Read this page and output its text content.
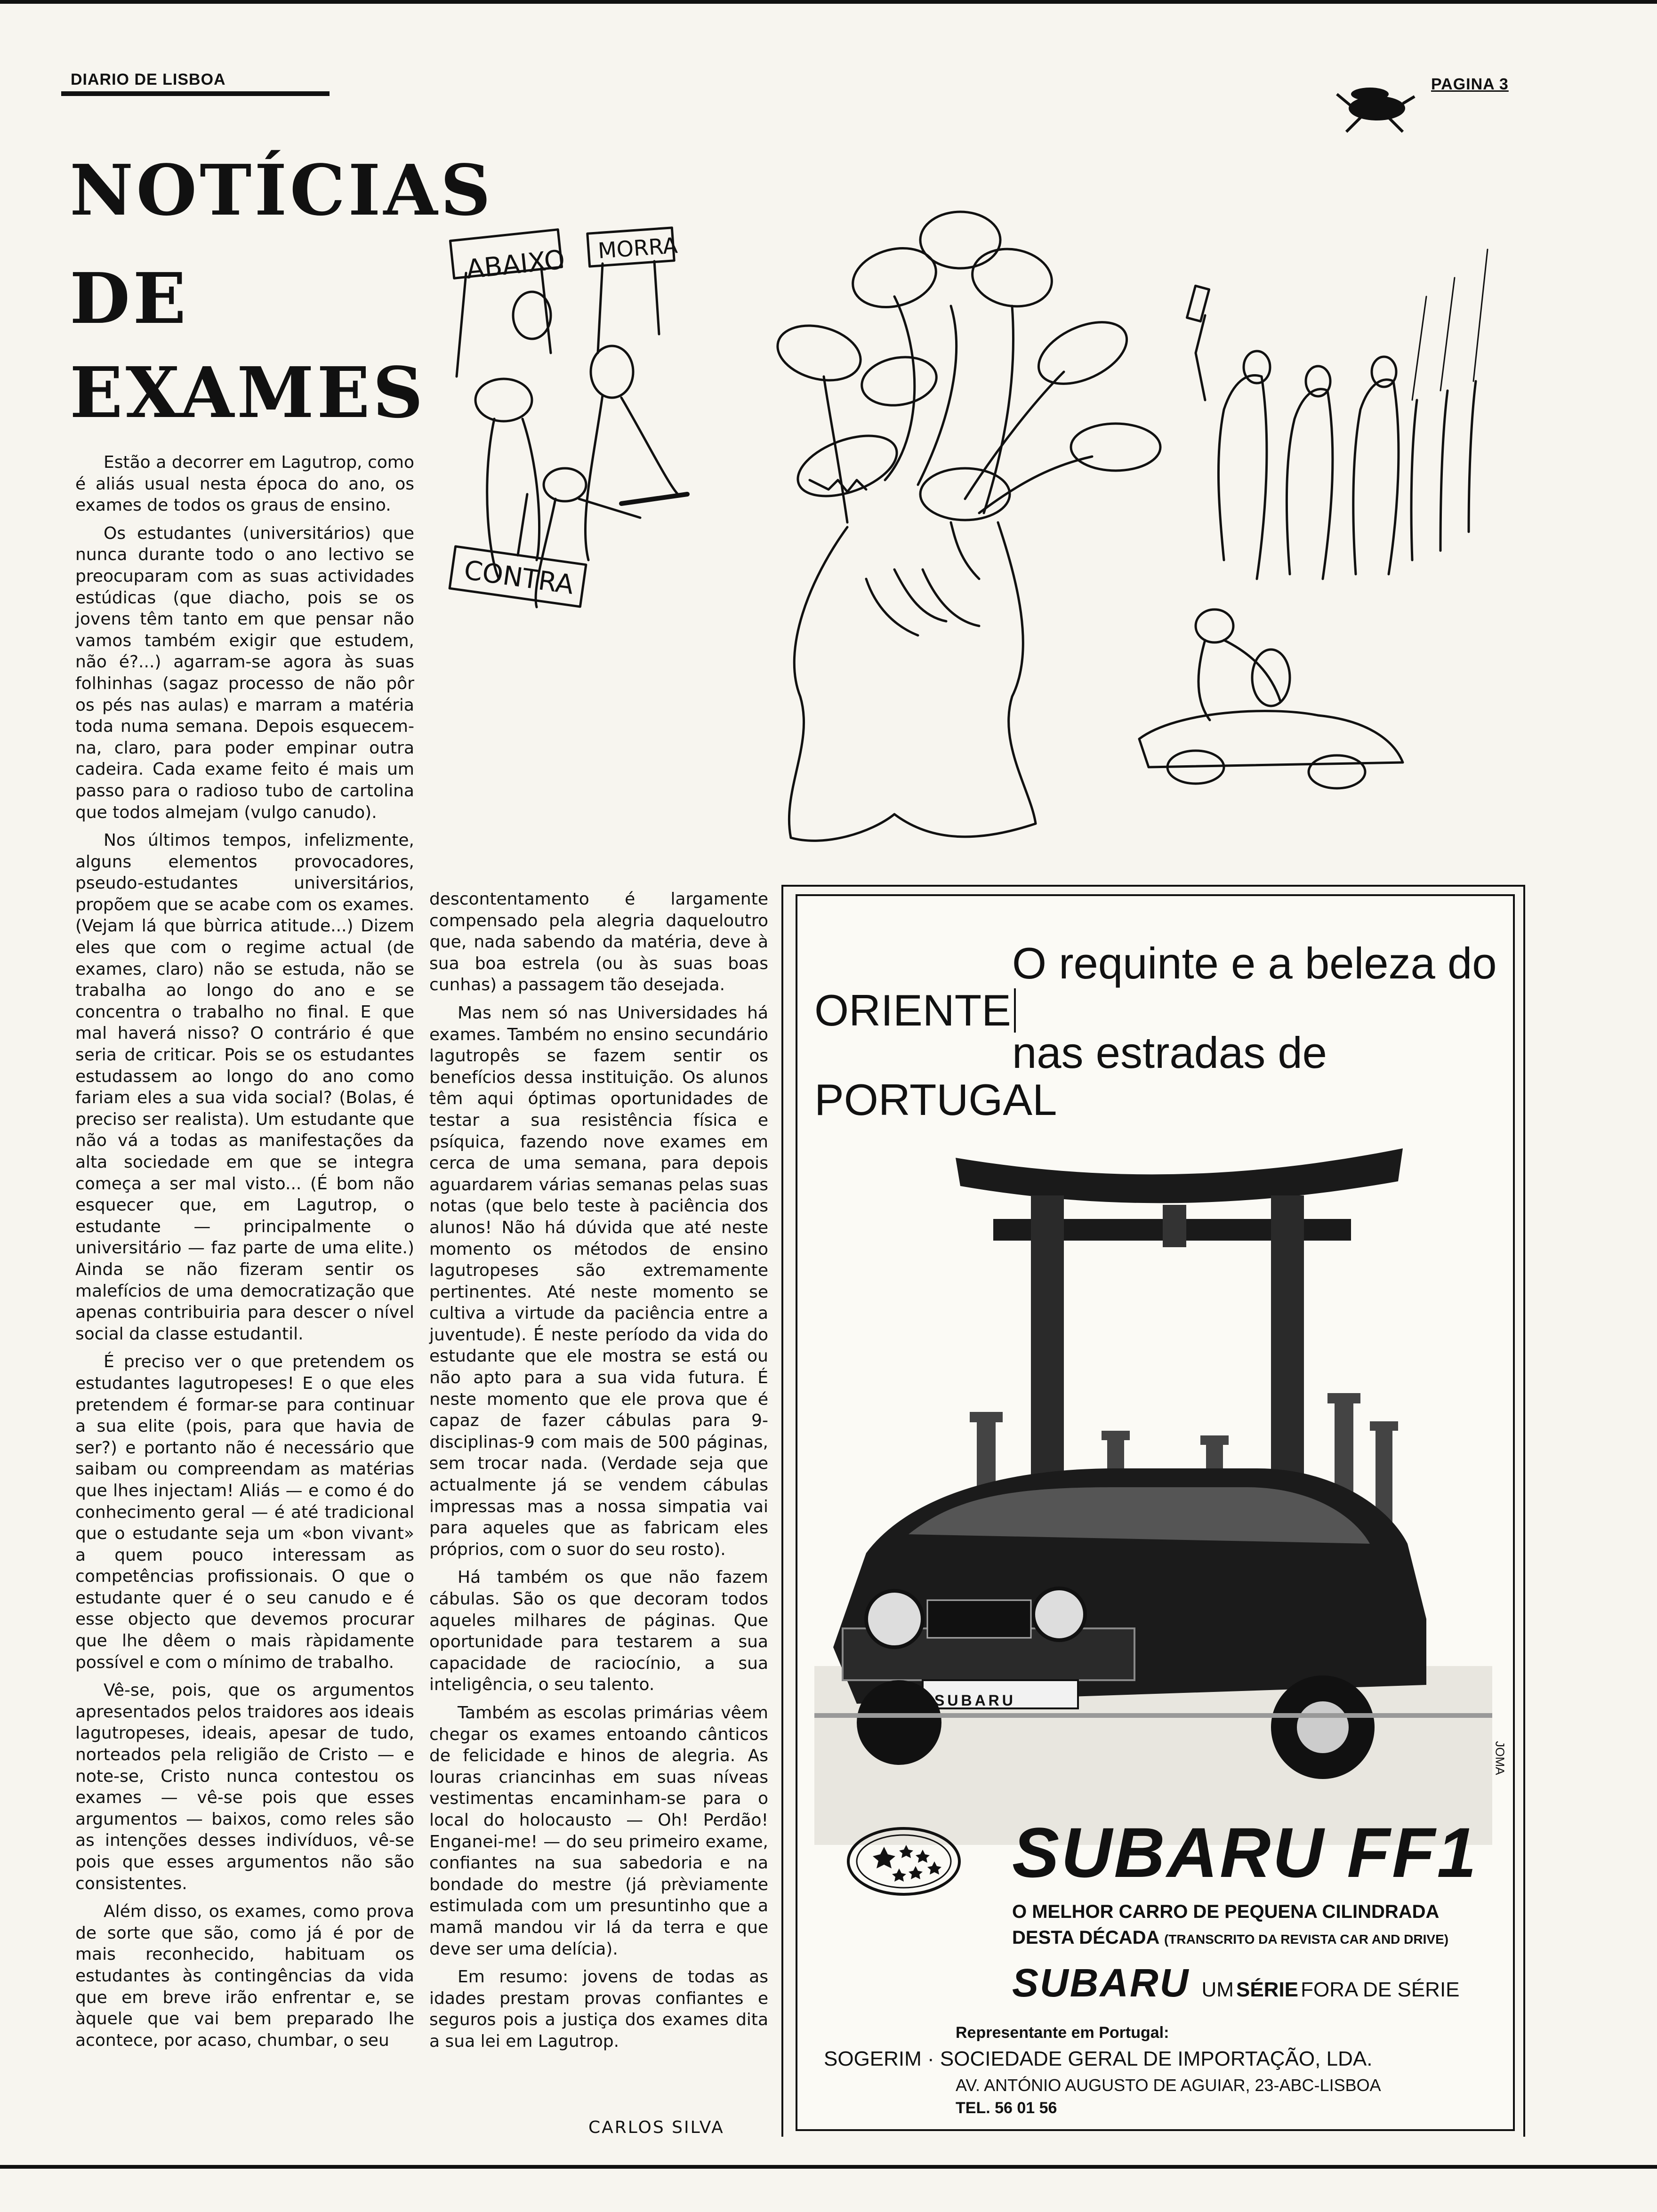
DIARIO DE LISBOA	PAGINA 3
NOTÍCIAS
DE
EXAMES

Estão a decorrer em Lagutrop, como é aliás usual nesta época do ano, os exames de todos os graus de ensino.

Os estudantes (universitários) que nunca durante todo o ano lectivo se preocuparam com as suas actividades estúdicas (que diacho, pois se os jovens têm tanto em que pensar não vamos também exigir que estudem, não é?...) agarram-se agora às suas folhinhas (sagaz processo de não pôr os pés nas aulas) e marram a matéria toda numa semana. Depois esquecem-na, claro, para poder empinar outra cadeira. Cada exame feito é mais um passo para o radioso tubo de cartolina que todos almejam (vulgo canudo).

Nos últimos tempos, infelizmente, alguns elementos provocadores, pseudo-estudantes universitários, propõem que se acabe com os exames. (Vejam lá que bùrrica atitude...) Dizem eles que com o regime actual (de exames, claro) não se estuda, não se trabalha ao longo do ano e se concentra o trabalho no final. E que mal haverá nisso? O contrário é que seria de criticar. Pois se os estudantes estudassem ao longo do ano como fariam eles a sua vida social? (Bolas, é preciso ser realista). Um estudante que não vá a todas as manifestações da alta sociedade em que se integra começa a ser mal visto... (É bom não esquecer que, em Lagutrop, o estudante — principalmente o universitário — faz parte de uma elite.) Ainda se não fizeram sentir os malefícios de uma democratização que apenas contribuiria para descer o nível social da classe estudantil.

É preciso ver o que pretendem os estudantes lagutropeses! E o que eles pretendem é formar-se para continuar a sua elite (pois, para que havia de ser?) e portanto não é necessário que saibam ou compreendam as matérias que lhes injectam! Aliás — e como é do conhecimento geral — é até tradicional que o estudante seja um «bon vivant» a quem pouco interessam as competências profissionais. O que o estudante quer é o seu canudo e é esse objecto que devemos procurar que lhe dêem o mais ràpidamente possível e com o mínimo de trabalho.

Vê-se, pois, que os argumentos apresentados pelos traidores aos ideais lagutropeses, ideais, apesar de tudo, norteados pela religião de Cristo — e note-se, Cristo nunca contestou os exames — vê-se pois que esses argumentos — baixos, como reles são as intenções desses indivíduos, vê-se pois que esses argumentos não são consistentes.

Além disso, os exames, como prova de sorte que são, como já é por de mais reconhecido, habituam os estudantes às contingências da vida que em breve irão enfrentar e, se àquele que vai bem preparado lhe acontece, por acaso, chumbar, o seu

descontentamento é largamente compensado pela alegria daqueloutro que, nada sabendo da matéria, deve à sua boa estrela (ou às suas boas cunhas) a passagem tão desejada.

Mas nem só nas Universidades há exames. Também no ensino secundário lagutropês se fazem sentir os benefícios dessa instituição. Os alunos têm aqui óptimas oportunidades de testar a sua resistência física e psíquica, fazendo nove exames em cerca de uma semana, para depois aguardarem várias semanas pelas suas notas (que belo teste à paciência dos alunos! Não há dúvida que até neste momento os métodos de ensino lagutropeses são extremamente pertinentes. Até neste momento se cultiva a virtude da paciência entre a juventude). É neste período da vida do estudante que ele mostra se está ou não apto para a sua vida futura. É neste momento que ele prova que é capaz de fazer cábulas para 9-disciplinas-9 com mais de 500 páginas, sem trocar nada. (Verdade seja que actualmente já se vendem cábulas impressas mas a nossa simpatia vai para aqueles que as fabricam eles próprios, com o suor do seu rosto).

Há também os que não fazem cábulas. São os que decoram todos aqueles milhares de páginas. Que oportunidade para testarem a sua capacidade de raciocínio, a sua inteligência, o seu talento.

Também as escolas primárias vêem chegar os exames entoando cânticos de felicidade e hinos de alegria. As louras criancinhas em suas níveas vestimentas encaminham-se para o local do holocausto — Oh! Perdão! Enganei-me! — do seu primeiro exame, confiantes na sua sabedoria e na bondade do mestre (já prèviamente estimulada com um presuntinho que a mamã mandou vir lá da terra e que deve ser uma delícia).

Em resumo: jovens de todas as idades prestam provas confiantes e seguros pois a justiça dos exames dita a sua lei em Lagutrop.

CARLOS SILVA
ABAIXO MORRA
CONTRA
O requinte e a beleza do
ORIENTE
nas estradas de
PORTUGAL
SUBARU
JOMA
SUBARU FF1
O MELHOR CARRO DE PEQUENA CILINDRADA
DESTA DÉCADA (TRANSCRITO DA REVISTA CAR AND DRIVE)
SUBARU UM SÉRIE FORA DE SÉRIE
Representante em Portugal:
SOGERIM · SOCIEDADE GERAL DE IMPORTAÇÃO, LDA.
AV. ANTÓNIO AUGUSTO DE AGUIAR, 23-ABC-LISBOA
TEL. 56 01 56
